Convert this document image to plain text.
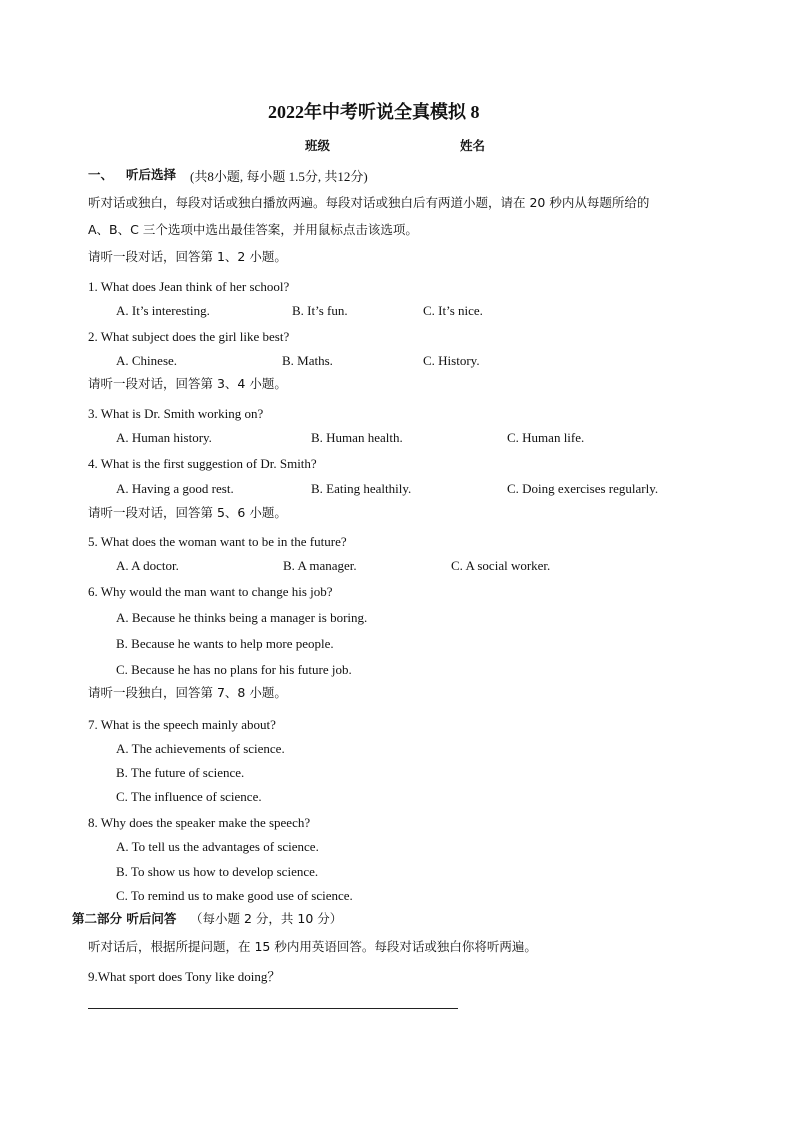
2022年中考听说全真模拟 8
班级	姓名
一、 听后选择 (共8小题, 每小题 1.5分, 共12分)
听对话或独白，每段对话或独白播放两遍。每段对话或独白后有两道小题，请在 20 秒内从每题所给的
A、B、C 三个选项中选出最佳答案，并用鼠标点击该选项。
请听一段对话，回答第 1、2 小题。
1. What does Jean think of her school?
A. It’s interesting.	B. It’s fun.	C. It’s nice.
2. What subject does the girl like best?
A. Chinese.	B. Maths.	C. History.
请听一段对话，回答第 3、4 小题。
3. What is Dr. Smith working on?
A. Human history.	B. Human health.	C. Human life.
4. What is the first suggestion of Dr. Smith?
A. Having a good rest.	B. Eating healthily.	C. Doing exercises regularly.
请听一段对话，回答第 5、6 小题。
5. What does the woman want to be in the future?
A. A doctor.	B. A manager.	C. A social worker.
6. Why would the man want to change his job?
A. Because he thinks being a manager is boring.
B. Because he wants to help more people.
C. Because he has no plans for his future job.
请听一段独白，回答第 7、8 小题。
7. What is the speech mainly about?
A. The achievements of science.
B. The future of science.
C. The influence of science.
8. Why does the speaker make the speech?
A. To tell us the advantages of science.
B. To show us how to develop science.
C. To remind us to make good use of science.
第二部分 听后问答 （每小题 2 分，共 10 分）
听对话后，根据所提问题，在 15 秒内用英语回答。每段对话或独白你将听两遍。
9.What sport does Tony like doing？
